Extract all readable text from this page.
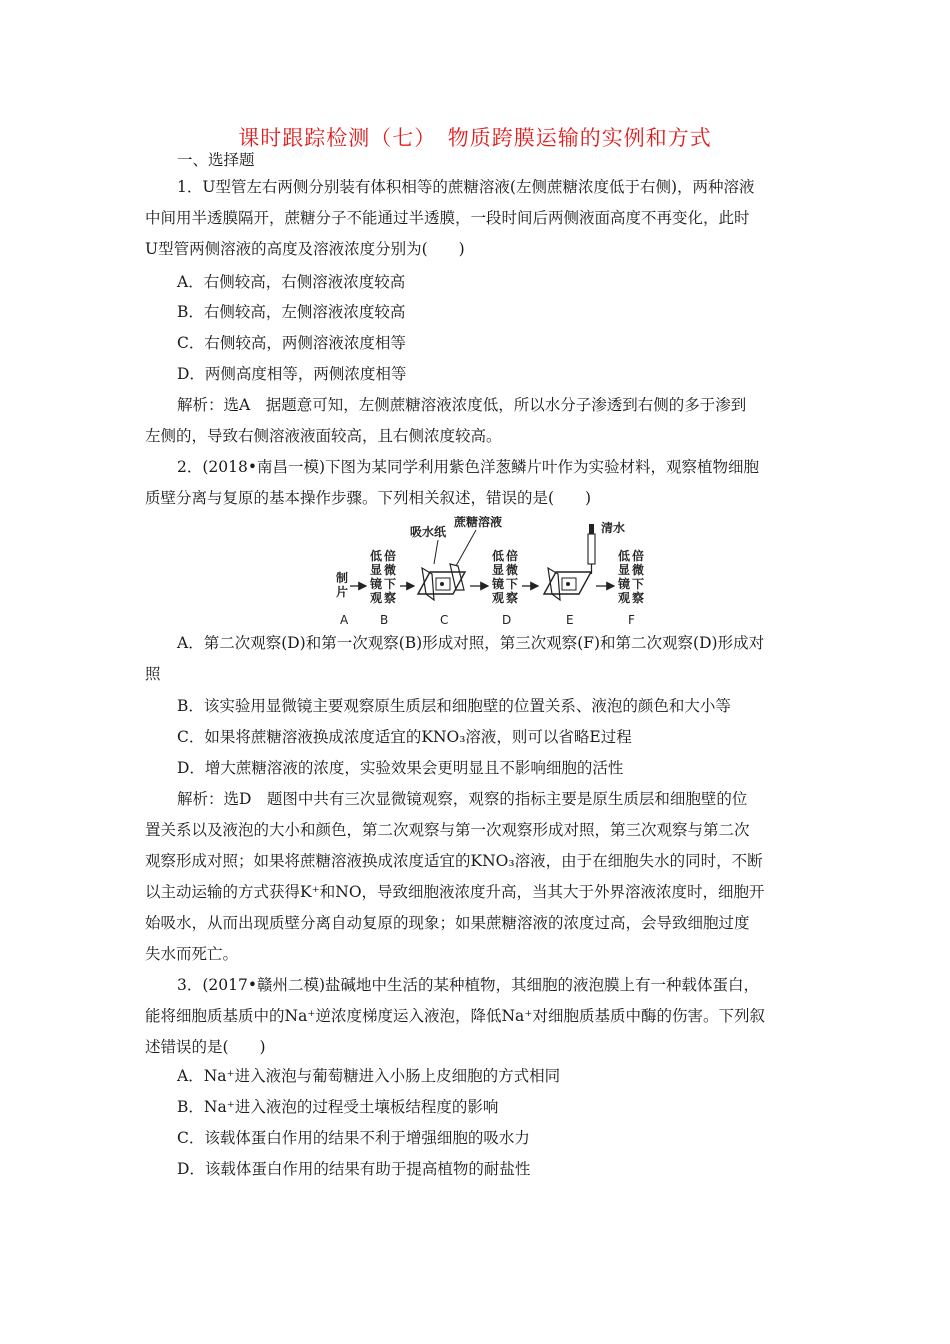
课时跟踪检测（七）　物质跨膜运输的实例和方式
一、选择题
1．U型管左右两侧分别装有体积相等的蔗糖溶液(左侧蔗糖浓度低于右侧)，两种溶液
中间用半透膜隔开，蔗糖分子不能通过半透膜，一段时间后两侧液面高度不再变化，此时
U型管两侧溶液的高度及溶液浓度分别为(　　)
A．右侧较高，右侧溶液浓度较高
B．右侧较高，左侧溶液浓度较高
C．右侧较高，两侧溶液浓度相等
D．两侧高度相等，两侧浓度相等
解析：选A　据题意可知，左侧蔗糖溶液浓度低，所以水分子渗透到右侧的多于渗到
左侧的，导致右侧溶液液面较高，且右侧浓度较高。
2．(2018•南昌一模)下图为某同学利用紫色洋葱鳞片叶作为实验材料，观察植物细胞
质壁分离与复原的基本操作步骤。下列相关叙述，错误的是(　　)
制
片
低
显
镜
观
倍
微
下
察
吸水纸
蔗糖溶液
低
显
镜
观
倍
微
下
察
清水
低
显
镜
观
倍
微
下
察
A	B	C	D	E	F
A．第二次观察(D)和第一次观察(B)形成对照，第三次观察(F)和第二次观察(D)形成对
照
B．该实验用显微镜主要观察原生质层和细胞壁的位置关系、液泡的颜色和大小等
C．如果将蔗糖溶液换成浓度适宜的KNO₃溶液，则可以省略E过程
D．增大蔗糖溶液的浓度，实验效果会更明显且不影响细胞的活性
解析：选D　题图中共有三次显微镜观察，观察的指标主要是原生质层和细胞壁的位
置关系以及液泡的大小和颜色，第二次观察与第一次观察形成对照，第三次观察与第二次
观察形成对照；如果将蔗糖溶液换成浓度适宜的KNO₃溶液，由于在细胞失水的同时，不断
以主动运输的方式获得K⁺和NO，导致细胞液浓度升高，当其大于外界溶液浓度时，细胞开
始吸水，从而出现质壁分离自动复原的现象；如果蔗糖溶液的浓度过高，会导致细胞过度
失水而死亡。
3．(2017•赣州二模)盐碱地中生活的某种植物，其细胞的液泡膜上有一种载体蛋白，
能将细胞质基质中的Na⁺逆浓度梯度运入液泡，降低Na⁺对细胞质基质中酶的伤害。下列叙
述错误的是(　　)
A．Na⁺进入液泡与葡萄糖进入小肠上皮细胞的方式相同
B．Na⁺进入液泡的过程受土壤板结程度的影响
C．该载体蛋白作用的结果不利于增强细胞的吸水力
D．该载体蛋白作用的结果有助于提高植物的耐盐性
